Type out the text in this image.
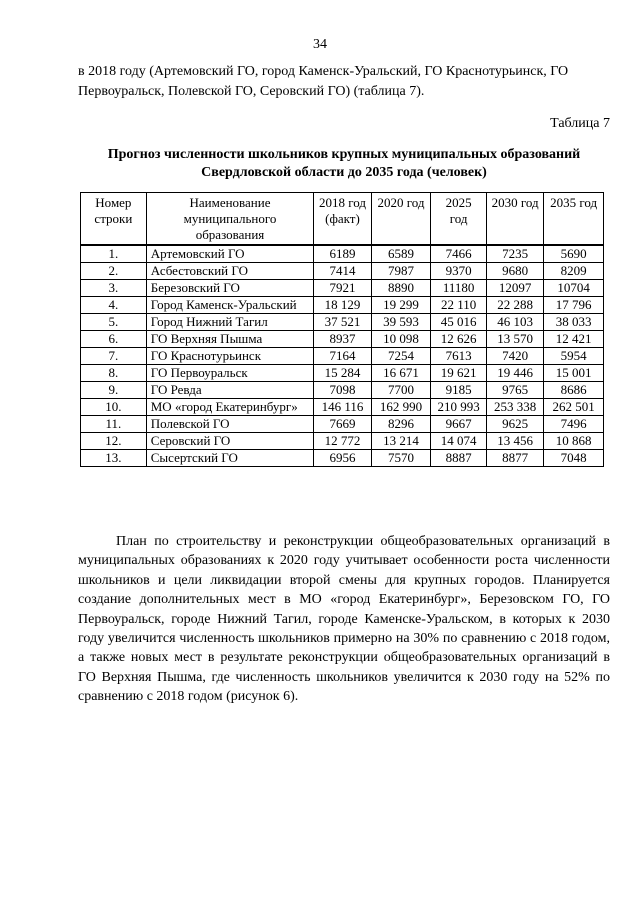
34

в 2018 году (Артемовский ГО, город Каменск-Уральский, ГО Краснотурьинск, ГО Первоуральск, Полевской ГО, Серовский ГО) (таблица 7).

Таблица 7

Прогноз численности школьников крупных муниципальных образований Свердловской области до 2035 года (человек)

Номер строки	Наименование муниципального образования	2018 год (факт)	2020 год	2025 год	2030 год	2035 год
1.	Артемовский ГО	6189	6589	7466	7235	5690
2.	Асбестовский ГО	7414	7987	9370	9680	8209
3.	Березовский ГО	7921	8890	11180	12097	10704
4.	Город Каменск-Уральский	18 129	19 299	22 110	22 288	17 796
5.	Город Нижний Тагил	37 521	39 593	45 016	46 103	38 033
6.	ГО Верхняя Пышма	8937	10 098	12 626	13 570	12 421
7.	ГО Краснотурьинск	7164	7254	7613	7420	5954
8.	ГО Первоуральск	15 284	16 671	19 621	19 446	15 001
9.	ГО Ревда	7098	7700	9185	9765	8686
10.	МО «город Екатеринбург»	146 116	162 990	210 993	253 338	262 501
11.	Полевской ГО	7669	8296	9667	9625	7496
12.	Серовский ГО	12 772	13 214	14 074	13 456	10 868
13.	Сысертский ГО	6956	7570	8887	8877	7048

План по строительству и реконструкции общеобразовательных организаций в муниципальных образованиях к 2020 году учитывает особенности роста численности школьников и цели ликвидации второй смены для крупных городов. Планируется создание дополнительных мест в МО «город Екатеринбург», Березовском ГО, ГО Первоуральск, городе Нижний Тагил, городе Каменске-Уральском, в которых к 2030 году увеличится численность школьников примерно на 30% по сравнению с 2018 годом, а также новых мест в результате реконструкции общеобразовательных организаций в ГО Верхняя Пышма, где численность школьников увеличится к 2030 году на 52% по сравнению с 2018 годом (рисунок 6).
